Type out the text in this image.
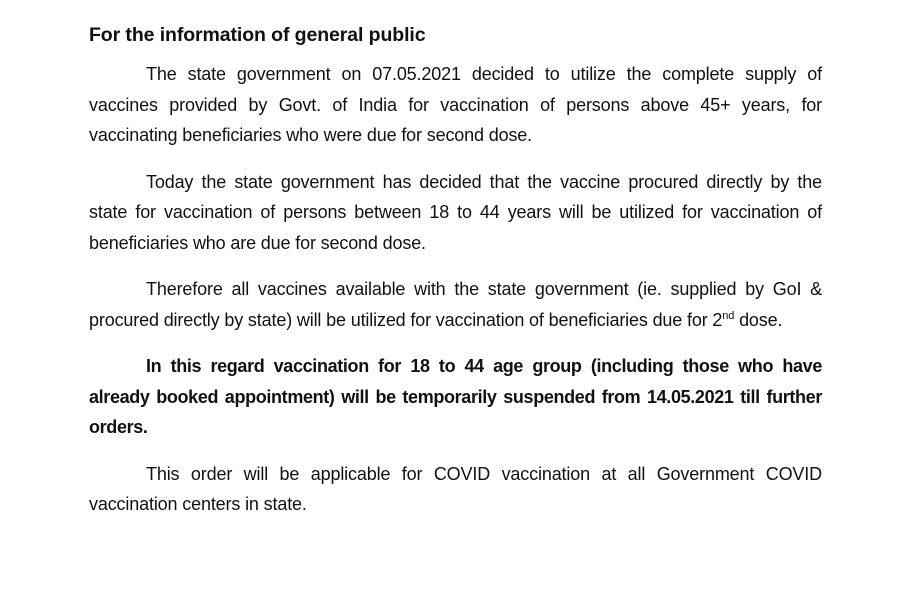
For the information of general public

The state government on 07.05.2021 decided to utilize the complete supply of vaccines provided by Govt. of India for vaccination of persons above 45+ years, for vaccinating beneficiaries who were due for second dose.

Today the state government has decided that the vaccine procured directly by the state for vaccination of persons between 18 to 44 years will be utilized for vaccination of beneficiaries who are due for second dose.

Therefore all vaccines available with the state government (ie. supplied by GoI & procured directly by state) will be utilized for vaccination of beneficiaries due for 2nd dose.

In this regard vaccination for 18 to 44 age group (including those who have already booked appointment) will be temporarily suspended from 14.05.2021 till further orders.

This order will be applicable for COVID vaccination at all Government COVID vaccination centers in state.
